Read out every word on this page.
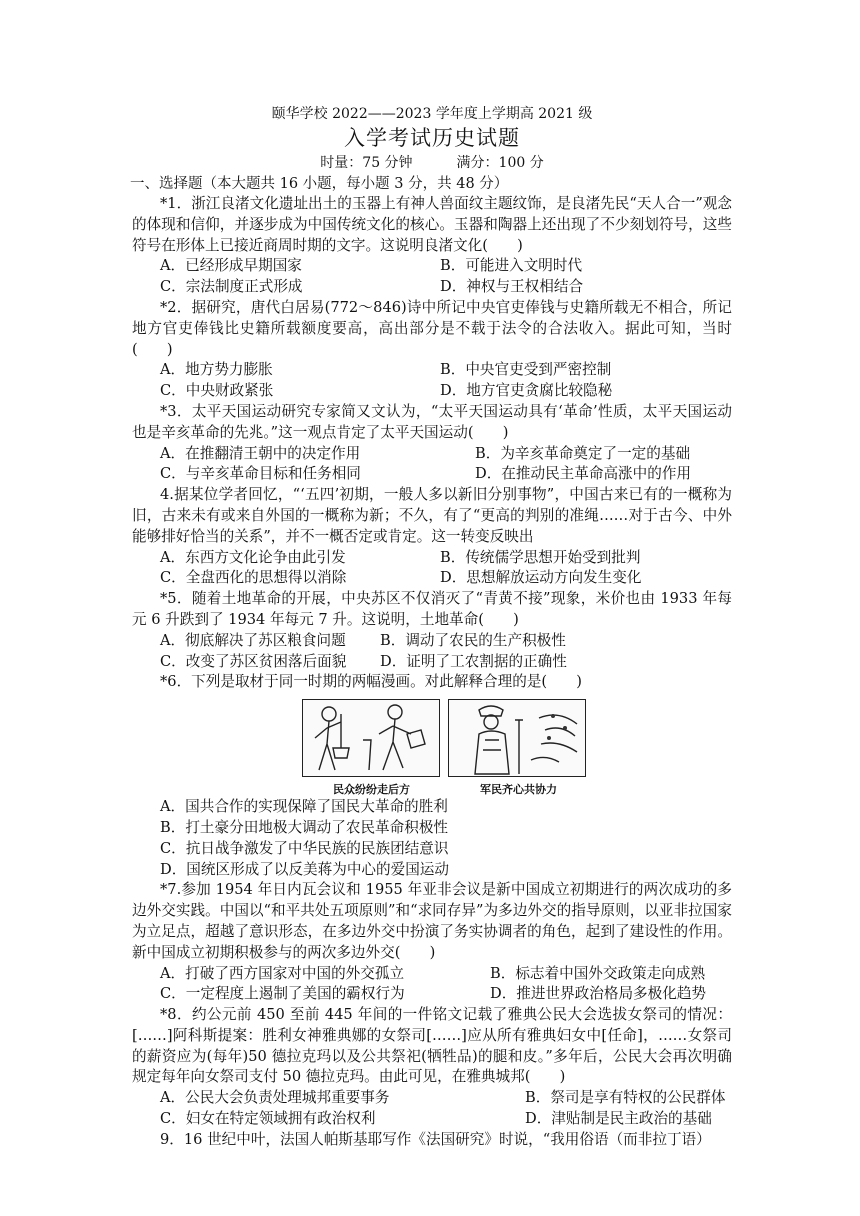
颐华学校 2022——2023 学年度上学期高 2021 级
入学考试历史试题
时量：75 分钟	满分：100 分
一、选择题（本大题共 16 小题，每小题 3 分，共 48 分）

*1．浙江良渚文化遗址出土的玉器上有神人兽面纹主题纹饰，是良渚先民“天人合一”观念的体现和信仰，并逐步成为中国传统文化的核心。玉器和陶器上还出现了不少刻划符号，这些符号在形体上已接近商周时期的文字。这说明良渚文化(　　)

A．已经形成早期国家	B．可能进入文明时代
C．宗法制度正式形成	D．神权与王权相结合

*2．据研究，唐代白居易(772～846)诗中所记中央官吏俸钱与史籍所载无不相合，所记地方官吏俸钱比史籍所载额度要高，高出部分是不载于法令的合法收入。据此可知，当时(　　)

A．地方势力膨胀	B．中央官吏受到严密控制
C．中央财政紧张	D．地方官吏贪腐比较隐秘

*3．太平天国运动研究专家简又文认为，“太平天国运动具有‘革命’性质，太平天国运动也是辛亥革命的先兆。”这一观点肯定了太平天国运动(　　)

A．在推翻清王朝中的决定作用	B．为辛亥革命奠定了一定的基础
C．与辛亥革命目标和任务相同	D．在推动民主革命高涨中的作用

4.据某位学者回忆，“‘五四’初期，一般人多以新旧分别事物”，中国古来已有的一概称为旧，古来未有或来自外国的一概称为新；不久，有了“更高的判别的准绳……对于古今、中外能够排好恰当的关系”，并不一概否定或肯定。这一转变反映出

A．东西方文化论争由此引发	B．传统儒学思想开始受到批判
C．全盘西化的思想得以消除	D．思想解放运动方向发生变化

*5．随着土地革命的开展，中央苏区不仅消灭了“青黄不接”现象，米价也由 1933 年每元 6 升跌到了 1934 年每元 7 升。这说明，土地革命(　　)

A．彻底解决了苏区粮食问题	B．调动了农民的生产积极性
C．改变了苏区贫困落后面貌	D．证明了工农割据的正确性

*6．下列是取材于同一时期的两幅漫画。对此解释合理的是(　　)

民众纷纷走后方	军民齐心共协力
A．国共合作的实现保障了国民大革命的胜利
B．打土豪分田地极大调动了农民革命积极性
C．抗日战争激发了中华民族的民族团结意识
D．国统区形成了以反美蒋为中心的爱国运动

*7.参加 1954 年日内瓦会议和 1955 年亚非会议是新中国成立初期进行的两次成功的多边外交实践。中国以“和平共处五项原则”和“求同存异”为多边外交的指导原则，以亚非拉国家为立足点，超越了意识形态，在多边外交中扮演了务实协调者的角色，起到了建设性的作用。新中国成立初期积极参与的两次多边外交(　　)

A．打破了西方国家对中国的外交孤立	B．标志着中国外交政策走向成熟
C．一定程度上遏制了美国的霸权行为	D．推进世界政治格局多极化趋势

*8．约公元前 450 至前 445 年间的一件铭文记载了雅典公民大会选拔女祭司的情况：[……]阿科斯提案：胜利女神雅典娜的女祭司[……]应从所有雅典妇女中[任命]，……女祭司的薪资应为(每年)50 德拉克玛以及公共祭祀(牺牲品)的腿和皮。”多年后，公民大会再次明确规定每年向女祭司支付 50 德拉克玛。由此可见，在雅典城邦(　　)

A．公民大会负责处理城邦重要事务	B．祭司是享有特权的公民群体
C．妇女在特定领域拥有政治权利	D．津贴制是民主政治的基础

9．16 世纪中叶，法国人帕斯基耶写作《法国研究》时说，“我用俗语（而非拉丁语）
